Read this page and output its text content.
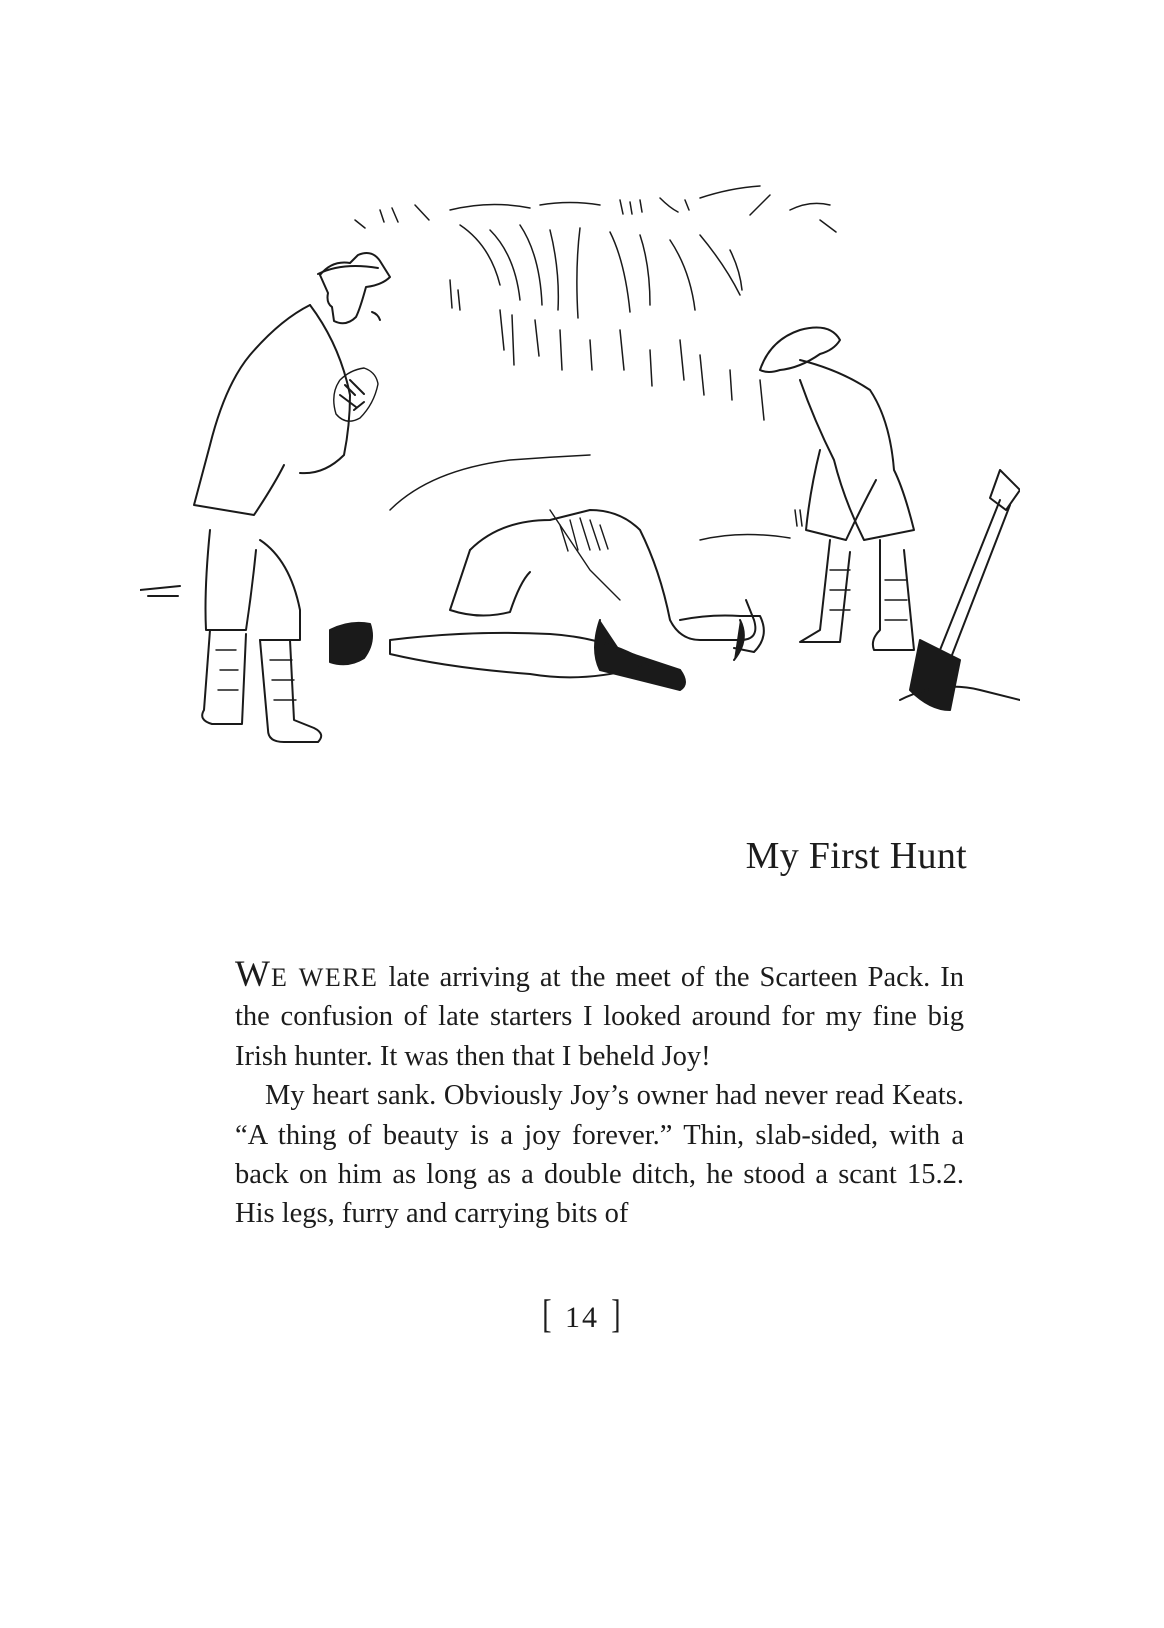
My First Hunt

WE WERE late arriving at the meet of the Scarteen Pack. In the confusion of late starters I looked around for my fine big Irish hunter. It was then that I beheld Joy!

My heart sank. Obviously Joy’s owner had never read Keats. “A thing of beauty is a joy forever.” Thin, slab-sided, with a back on him as long as a double ditch, he stood a scant 15.2. His legs, furry and carrying bits of

[ 14 ]
